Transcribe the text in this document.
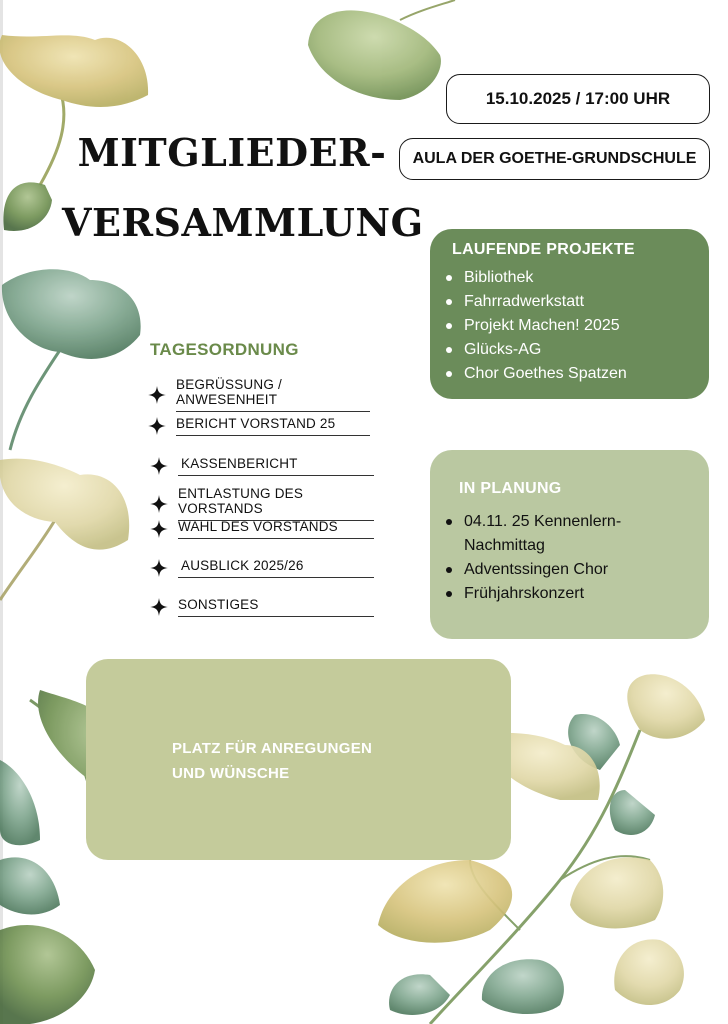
MITGLIEDER-
VERSAMMLUNG
15.10.2025 / 17:00 UHR
AULA DER GOETHE-GRUNDSCHULE
TAGESORDNUNG
BEGRÜSSUNG / ANWESENHEIT
BERICHT VORSTAND 25
KASSENBERICHT
ENTLASTUNG DES VORSTANDS
WAHL DES VORSTANDS
AUSBLICK 2025/26
SONSTIGES
LAUFENDE PROJEKTE
Bibliothek
Fahrradwerkstatt
Projekt Machen! 2025
Glücks-AG
Chor Goethes Spatzen
IN PLANUNG
04.11. 25 Kennenlern-Nachmittag
Adventssingen Chor
Frühjahrskonzert
PLATZ FÜR ANREGUNGEN
UND WÜNSCHE
